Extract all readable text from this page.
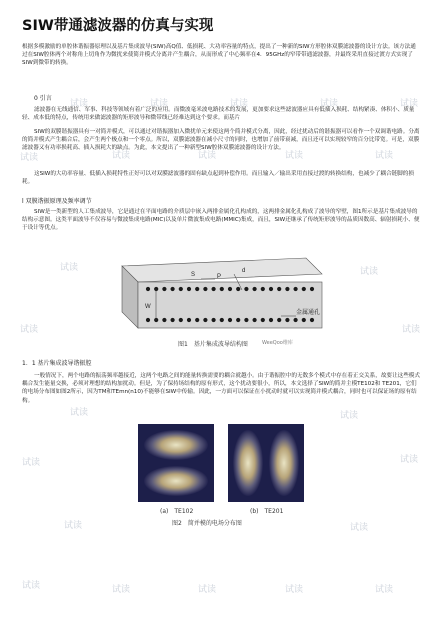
试读	试读	试读	试读	试读
试读	试读	试读	试读	试读
试读	试读
试读	试读
试读	试读
试读	试读
试读	试读
试读	试读	试读	试读	试读
SIW带通滤波器的仿真与实现

根据多模激励的单腔体谐振器原理以及基片集成波导(SIW)高Q值、低损耗、大功率容量的特点，提出了一种新的SIW方形腔体双膜滤波器的设计方法。该方法通过在SIW腔体两个对称角上切角作为微扰来使简并模式分离并产生耦合，从而形成了中心频率在4．95GHz的窄带带通滤波器，并最终采用直接过渡方式实现了SIW到微带的转换。

0 引言

滤波器在无线通信、军事、科技等领域有着广泛的应用。而微波毫米波电路技术的发展，更加要求这些滤波器应具有低插入损耗、结构紧凑、体积小、质量轻、成本低的特点，传统用来做滤波器的矩形波导和微带线已经难达到这个要求。而基片

SIW的双膜谐振器具有一对简并模式，可以通过对谐振器加入微扰单元来使这两个简并模式分离，因此，经过扰动后的谐振器可以看作一个双调谐电路。分离的简并模式产生耦合后，会产生两个极点和一个零点。所以，双膜滤波器在减小尺寸的同时，也增加了前带衰减，而且还可以实现较窄的百分比带宽。可是，双膜滤波器又有功率损耗高、插入损耗大的缺点。为此，本文提出了一种新型SIW腔体双膜滤波器的设计方法。

这SIW的大功率容量、低插入损耗特性正好可以对双膜滤波器的固有缺点起到补偿作用。而且输入／输出采用直接过渡的转换结构，也减少了耦合链脚的损耗。

l 双膜谐振原理及频率调节

SIW是一类新型的人工集成波导，它是通过在平面电路的介质层中嵌入两排金属化孔构成的，这两排金属化孔构成了波导的窄壁，图1所示是基片集成波导的结构示意图。这类平面波导不仅容易与微波集成电路(MIC)以及单片微波集成电路(MMIC)集成，而且，SIW还继承了传统矩形波导的品质因数高、辐射损耗小、便于设计等优点。

W
S	P
d
金属通孔
图1　基片集成波导结构图	WeeQoo维库

1．1 基片集成波导谐振腔

一般情况下，两个电路的振荡频率越接近，这两个电路之间的能量转换需要的耦合就越小。由于谐振腔中的无数多个模式中存在着正交关系，故要让这些模式耦合发生能量交换，必须对理想的结构加扰动。但是，为了保持场结构的原有形式，这个扰动要很小，所以，本文选择了SIW的简并主模TE102和 TE201，它们的电场分布图如图2所示，因为TM和TEmn(n10)不能够在SIW中传输。因此，一方面可以保证在小扰动时就可以实现简并模式耦合，同时也可以保证场的原有结构。

(a)　TE102	(b)　TE201
图2　简并模的电场分布图
